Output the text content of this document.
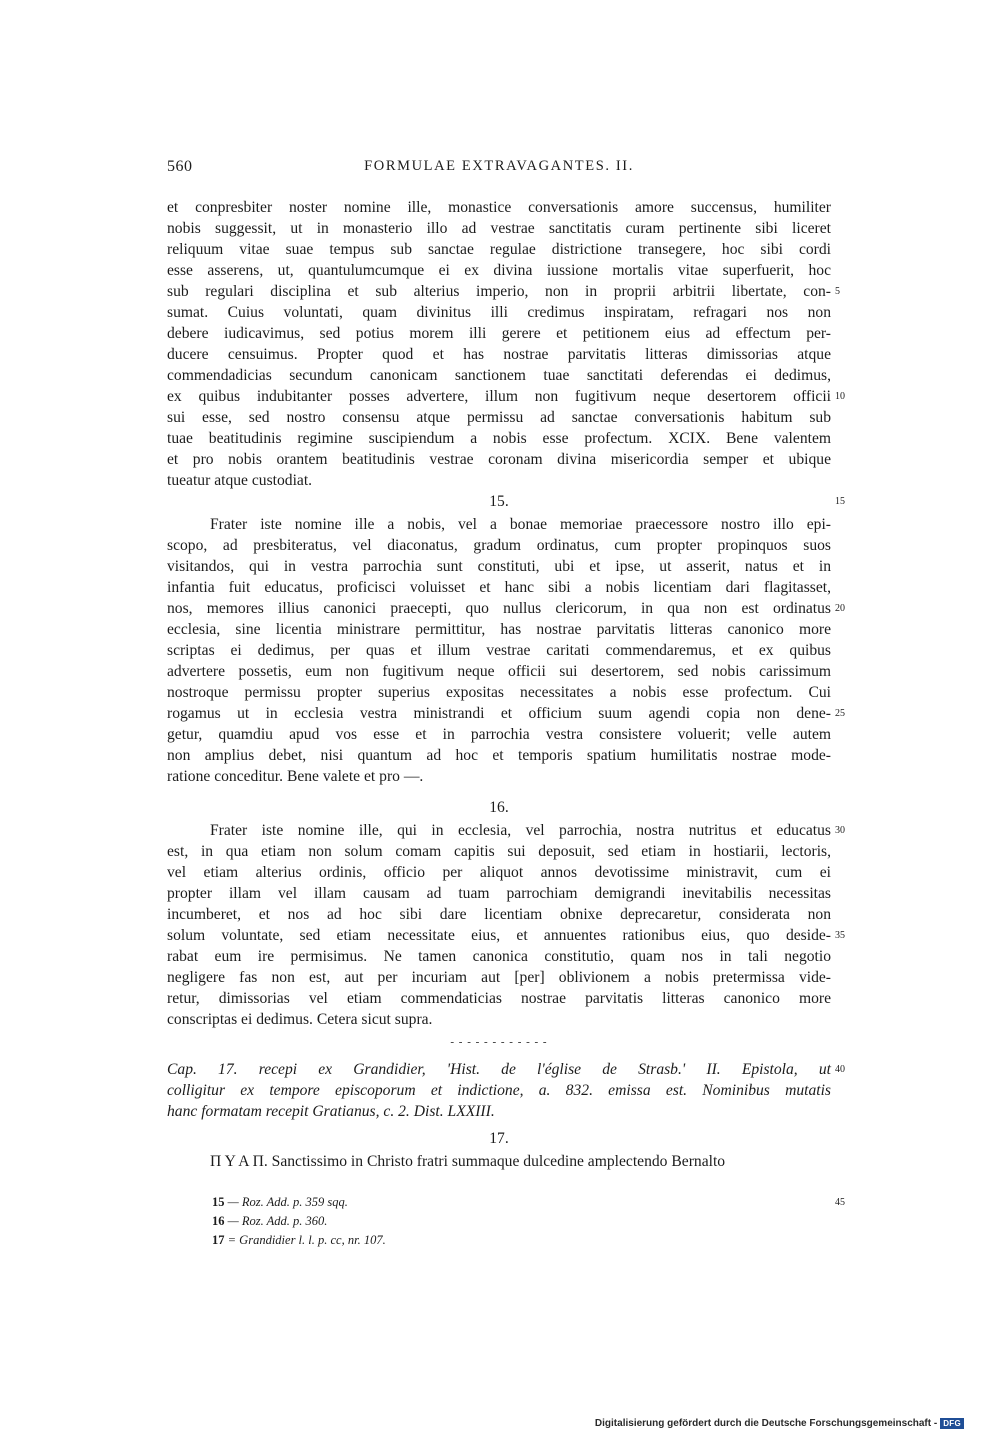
560	FORMULAE EXTRAVAGANTES. II.
et conpresbiter noster nomine ille, monastice conversationis amore succensus, humiliter
nobis suggessit, ut in monasterio illo ad vestrae sanctitatis curam pertinente sibi liceret
reliquum vitae suae tempus sub sanctae regulae districtione transegere, hoc sibi cordi
esse asserens, ut, quantulumcumque ei ex divina iussione mortalis vitae superfuerit, hoc
sub regulari disciplina et sub alterius imperio, non in proprii arbitrii libertate, con- 5
sumat. Cuius voluntati, quam divinitus illi credimus inspiratam, refragari nos non
debere iudicavimus, sed potius morem illi gerere et petitionem eius ad effectum per-
ducere censuimus. Propter quod et has nostrae parvitatis litteras dimissorias atque
commendadicias secundum canonicam sanctionem tuae sanctitati deferendas ei dedimus,
ex quibus indubitanter posses advertere, illum non fugitivum neque desertorem officii 10
sui esse, sed nostro consensu atque permissu ad sanctae conversationis habitum sub
tuae beatitudinis regimine suscipiendum a nobis esse profectum. XCIX. Bene valentem
et pro nobis orantem beatitudinis vestrae coronam divina misericordia semper et ubique
tueatur atque custodiat.
15.	15
Frater iste nomine ille a nobis, vel a bonae memoriae praecessore nostro illo epi-
scopo, ad presbiteratus, vel diaconatus, gradum ordinatus, cum propter propinquos suos
visitandos, qui in vestra parrochia sunt constituti, ubi et ipse, ut asserit, natus et in
infantia fuit educatus, proficisci voluisset et hanc sibi a nobis licentiam dari flagitasset,
nos, memores illius canonici praecepti, quo nullus clericorum, in qua non est ordinatus 20
ecclesia, sine licentia ministrare permittitur, has nostrae parvitatis litteras canonico more
scriptas ei dedimus, per quas et illum vestrae caritati commendaremus, et ex quibus
advertere possetis, eum non fugitivum neque officii sui desertorem, sed nobis carissimum
nostroque permissu propter superius expositas necessitates a nobis esse profectum. Cui
rogamus ut in ecclesia vestra ministrandi et officium suum agendi copia non dene- 25
getur, quamdiu apud vos esse et in parrochia vestra consistere voluerit; velle autem
non amplius debet, nisi quantum ad hoc et temporis spatium humilitatis nostrae mode-
ratione conceditur. Bene valete et pro —.
16.
Frater iste nomine ille, qui in ecclesia, vel parrochia, nostra nutritus et educatus 30
est, in qua etiam non solum comam capitis sui deposuit, sed etiam in hostiarii, lectoris,
vel etiam alterius ordinis, officio per aliquot annos devotissime ministravit, cum ei
propter illam vel illam causam ad tuam parrochiam demigrandi inevitabilis necessitas
incumberet, et nos ad hoc sibi dare licentiam obnixe deprecaretur, considerata non
solum voluntate, sed etiam necessitate eius, et annuentes rationibus eius, quo deside- 35
rabat eum ire permisimus. Ne tamen canonica constitutio, quam nos in tali negotio
negligere fas non est, aut per incuriam aut [per] oblivionem a nobis pretermissa vide-
retur, dimissorias vel etiam commendaticias nostrae parvitatis litteras canonico more
conscriptas ei dedimus. Cetera sicut supra.
- - - - - - - - - - - -
Cap. 17. recepi ex Grandidier, 'Hist. de l'église de Strasb.' II. Epistola, ut 40
colligitur ex tempore episcoporum et indictione, a. 832. emissa est. Nominibus mutatis
hanc formatam recepit Gratianus, c. 2. Dist. LXXIII.
17.
Π Υ Α Π. Sanctissimo in Christo fratri summaque dulcedine amplectendo Bernalto
15 — Roz. Add. p. 359 sqq.	45
16 — Roz. Add. p. 360.
17 = Grandidier l. l. p. cc, nr. 107.
Digitalisierung gefördert durch die Deutsche Forschungsgemeinschaft - DFG
